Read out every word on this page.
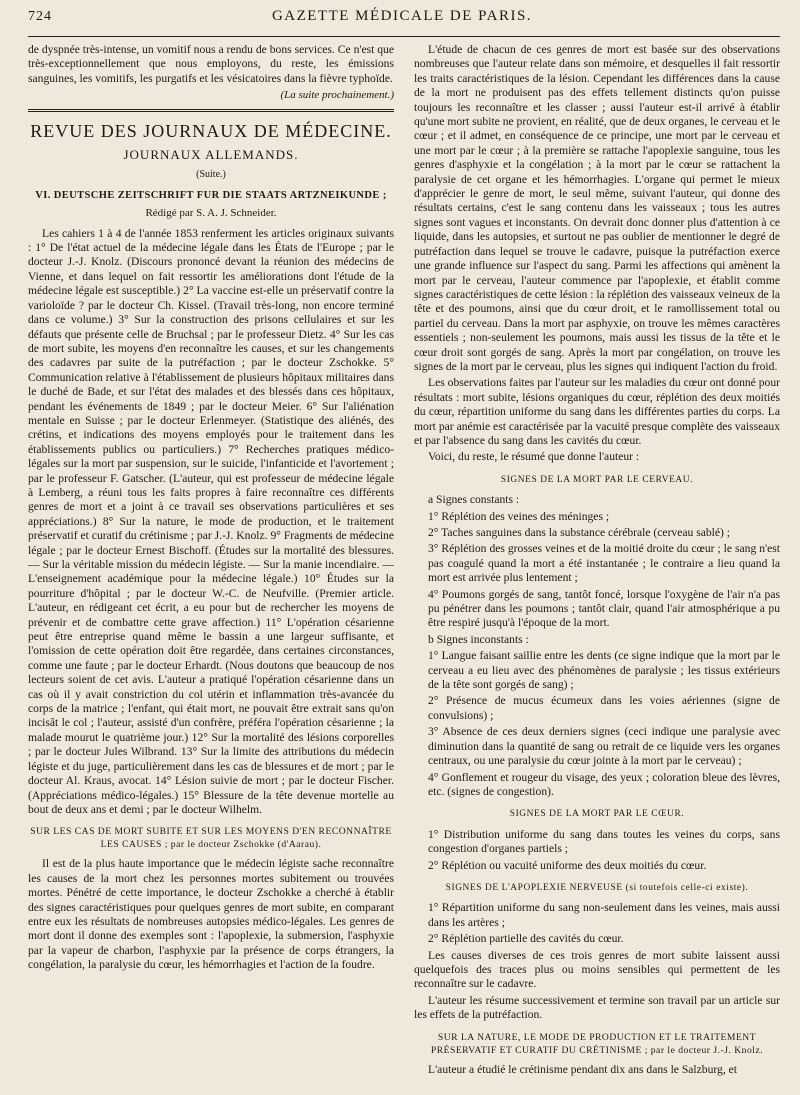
724	GAZETTE MÉDICALE DE PARIS.

de dyspnée très-intense, un vomitif nous a rendu de bons services. Ce n'est que très-exceptionnellement que nous employons, du reste, les émissions sanguines, les vomitifs, les purgatifs et les vésicatoires dans la fièvre typhoïde.

(La suite prochainement.)
REVUE DES JOURNAUX DE MÉDECINE.
JOURNAUX ALLEMANDS.
(Suite.)
VI. DEUTSCHE ZEITSCHRIFT FUR DIE STAATS ARTZNEIKUNDE ;
Rédigé par S. A. J. Schneider.

Les cahiers 1 à 4 de l'année 1853 renferment les articles originaux suivants : 1° De l'état actuel de la médecine légale dans les États de l'Europe ; par le docteur J.-J. Knolz. (Discours prononcé devant la réunion des médecins de Vienne, et dans lequel on fait ressortir les améliorations dont l'étude de la médecine légale est susceptible.) 2° La vaccine est-elle un préservatif contre la varioloïde ? par le docteur Ch. Kissel. (Travail très-long, non encore terminé dans ce volume.) 3° Sur la construction des prisons cellulaires et sur les défauts que présente celle de Bruchsal ; par le professeur Dietz. 4° Sur les cas de mort subite, les moyens d'en reconnaître les causes, et sur les changements des cadavres par suite de la putréfaction ; par le docteur Zschokke. 5° Communication relative à l'établissement de plusieurs hôpitaux militaires dans le duché de Bade, et sur l'état des malades et des blessés dans ces hôpitaux, pendant les événements de 1849 ; par le docteur Meier. 6° Sur l'aliénation mentale en Suisse ; par le docteur Erlenmeyer. (Statistique des aliénés, des crétins, et indications des moyens employés pour le traitement dans les établissements publics ou particuliers.) 7° Recherches pratiques médico-légales sur la mort par suspension, sur le suicide, l'infanticide et l'avortement ; par le professeur F. Gatscher. (L'auteur, qui est professeur de médecine légale à Lemberg, a réuni tous les faits propres à faire reconnaître ces différents genres de mort et a joint à ce travail ses observations particulières et ses appréciations.) 8° Sur la nature, le mode de production, et le traitement préservatif et curatif du crétinisme ; par J.-J. Knolz. 9° Fragments de médecine légale ; par le docteur Ernest Bischoff. (Études sur la mortalité des blessures. — Sur la véritable mission du médecin légiste. — Sur la manie incendiaire. — L'enseignement académique pour la médecine légale.) 10° Études sur la pourriture d'hôpital ; par le docteur W.-C. de Neufville. (Premier article. L'auteur, en rédigeant cet écrit, a eu pour but de rechercher les moyens de prévenir et de combattre cette grave affection.) 11° L'opération césarienne peut être entreprise quand même le bassin a une largeur suffisante, et l'omission de cette opération doit être regardée, dans certaines circonstances, comme une faute ; par le docteur Erhardt. (Nous doutons que beaucoup de nos lecteurs soient de cet avis. L'auteur a pratiqué l'opération césarienne dans un cas où il y avait constriction du col utérin et inflammation très-avancée du corps de la matrice ; l'enfant, qui était mort, ne pouvait être extrait sans qu'on incisât le col ; l'auteur, assisté d'un confrère, préféra l'opération césarienne ; la malade mourut le quatrième jour.) 12° Sur la mortalité des lésions corporelles ; par le docteur Jules Wilbrand. 13° Sur la limite des attributions du médecin légiste et du juge, particulièrement dans les cas de blessures et de mort ; par le docteur Al. Kraus, avocat. 14° Lésion suivie de mort ; par le docteur Fischer. (Appréciations médico-légales.) 15° Blessure de la tête devenue mortelle au bout de deux ans et demi ; par le docteur Wilhelm.

SUR LES CAS DE MORT SUBITE ET SUR LES MOYENS D'EN RECONNAÎTRE LES CAUSES ; par le docteur Zschokke (d'Aarau).

Il est de la plus haute importance que le médecin légiste sache reconnaître les causes de la mort chez les personnes mortes subitement ou trouvées mortes. Pénétré de cette importance, le docteur Zschokke a cherché à établir des signes caractéristiques pour quelques genres de mort subite, en comparant entre eux les résultats de nombreuses autopsies médico-légales. Les genres de mort dont il donne des exemples sont : l'apoplexie, la submersion, l'asphyxie par la vapeur de charbon, l'asphyxie par la présence de corps étrangers, la congélation, la paralysie du cœur, les hémorrhagies et l'action de la foudre.

L'étude de chacun de ces genres de mort est basée sur des observations nombreuses que l'auteur relate dans son mémoire, et desquelles il fait ressortir les traits caractéristiques de la lésion. Cependant les différences dans la cause de la mort ne produisent pas des effets tellement distincts qu'on puisse toujours les reconnaître et les classer ; aussi l'auteur est-il arrivé à établir qu'une mort subite ne provient, en réalité, que de deux organes, le cerveau et le cœur ; et il admet, en conséquence de ce principe, une mort par le cerveau et une mort par le cœur ; à la première se rattache l'apoplexie sanguine, tous les genres d'asphyxie et la congélation ; à la mort par le cœur se rattachent la paralysie de cet organe et les hémorrhagies. L'organe qui permet le mieux d'apprécier le genre de mort, le seul même, suivant l'auteur, qui donne des résultats certains, c'est le sang contenu dans les vaisseaux ; tous les autres signes sont vagues et inconstants. On devrait donc donner plus d'attention à ce liquide, dans les autopsies, et surtout ne pas oublier de mentionner le degré de putréfaction dans lequel se trouve le cadavre, puisque la putréfaction exerce une grande influence sur l'aspect du sang. Parmi les affections qui amènent la mort par le cerveau, l'auteur commence par l'apoplexie, et établit comme signes caractéristiques de cette lésion : la réplétion des vaisseaux veineux de la tête et des poumons, ainsi que du cœur droit, et le ramollissement total ou partiel du cerveau. Dans la mort par asphyxie, on trouve les mêmes caractères essentiels ; non-seulement les poumons, mais aussi les tissus de la tête et le cœur droit sont gorgés de sang. Après la mort par congélation, on trouve les signes de la mort par le cerveau, plus les signes qui indiquent l'action du froid.

Les observations faites par l'auteur sur les maladies du cœur ont donné pour résultats : mort subite, lésions organiques du cœur, réplétion des deux moitiés du cœur, répartition uniforme du sang dans les différentes parties du corps. La mort par anémie est caractérisée par la vacuité presque complète des vaisseaux et par l'absence du sang dans les cavités du cœur.

Voici, du reste, le résumé que donne l'auteur :

SIGNES DE LA MORT PAR LE CERVEAU.

a Signes constants :

1° Réplétion des veines des méninges ;

2° Taches sanguines dans la substance cérébrale (cerveau sablé) ;

3° Réplétion des grosses veines et de la moitié droite du cœur ; le sang n'est pas coagulé quand la mort a été instantanée ; le contraire a lieu quand la mort est arrivée plus lentement ;

4° Poumons gorgés de sang, tantôt foncé, lorsque l'oxygène de l'air n'a pas pu pénétrer dans les poumons ; tantôt clair, quand l'air atmosphérique a pu être respiré jusqu'à l'époque de la mort.

b Signes inconstants :

1° Langue faisant saillie entre les dents (ce signe indique que la mort par le cerveau a eu lieu avec des phénomènes de paralysie ; les tissus extérieurs de la tête sont gorgés de sang) ;

2° Présence de mucus écumeux dans les voies aériennes (signe de convulsions) ;

3° Absence de ces deux derniers signes (ceci indique une paralysie avec diminution dans la quantité de sang ou retrait de ce liquide vers les organes centraux, ou une paralysie du cœur jointe à la mort par le cerveau) ;

4° Gonflement et rougeur du visage, des yeux ; coloration bleue des lèvres, etc. (signes de congestion).

SIGNES DE LA MORT PAR LE CŒUR.

1° Distribution uniforme du sang dans toutes les veines du corps, sans congestion d'organes partiels ;

2° Réplétion ou vacuité uniforme des deux moitiés du cœur.

SIGNES DE L'APOPLEXIE NERVEUSE (si toutefois celle-ci existe).

1° Répartition uniforme du sang non-seulement dans les veines, mais aussi dans les artères ;

2° Réplétion partielle des cavités du cœur.

Les causes diverses de ces trois genres de mort subite laissent aussi quelquefois des traces plus ou moins sensibles qui permettent de les reconnaître sur le cadavre.

L'auteur les résume successivement et termine son travail par un article sur les effets de la putréfaction.

SUR LA NATURE, LE MODE DE PRODUCTION ET LE TRAITEMENT PRÉSERVATIF ET CURATIF DU CRÉTINISME ; par le docteur J.-J. Knolz.

L'auteur a étudié le crétinisme pendant dix ans dans le Salzburg, et
